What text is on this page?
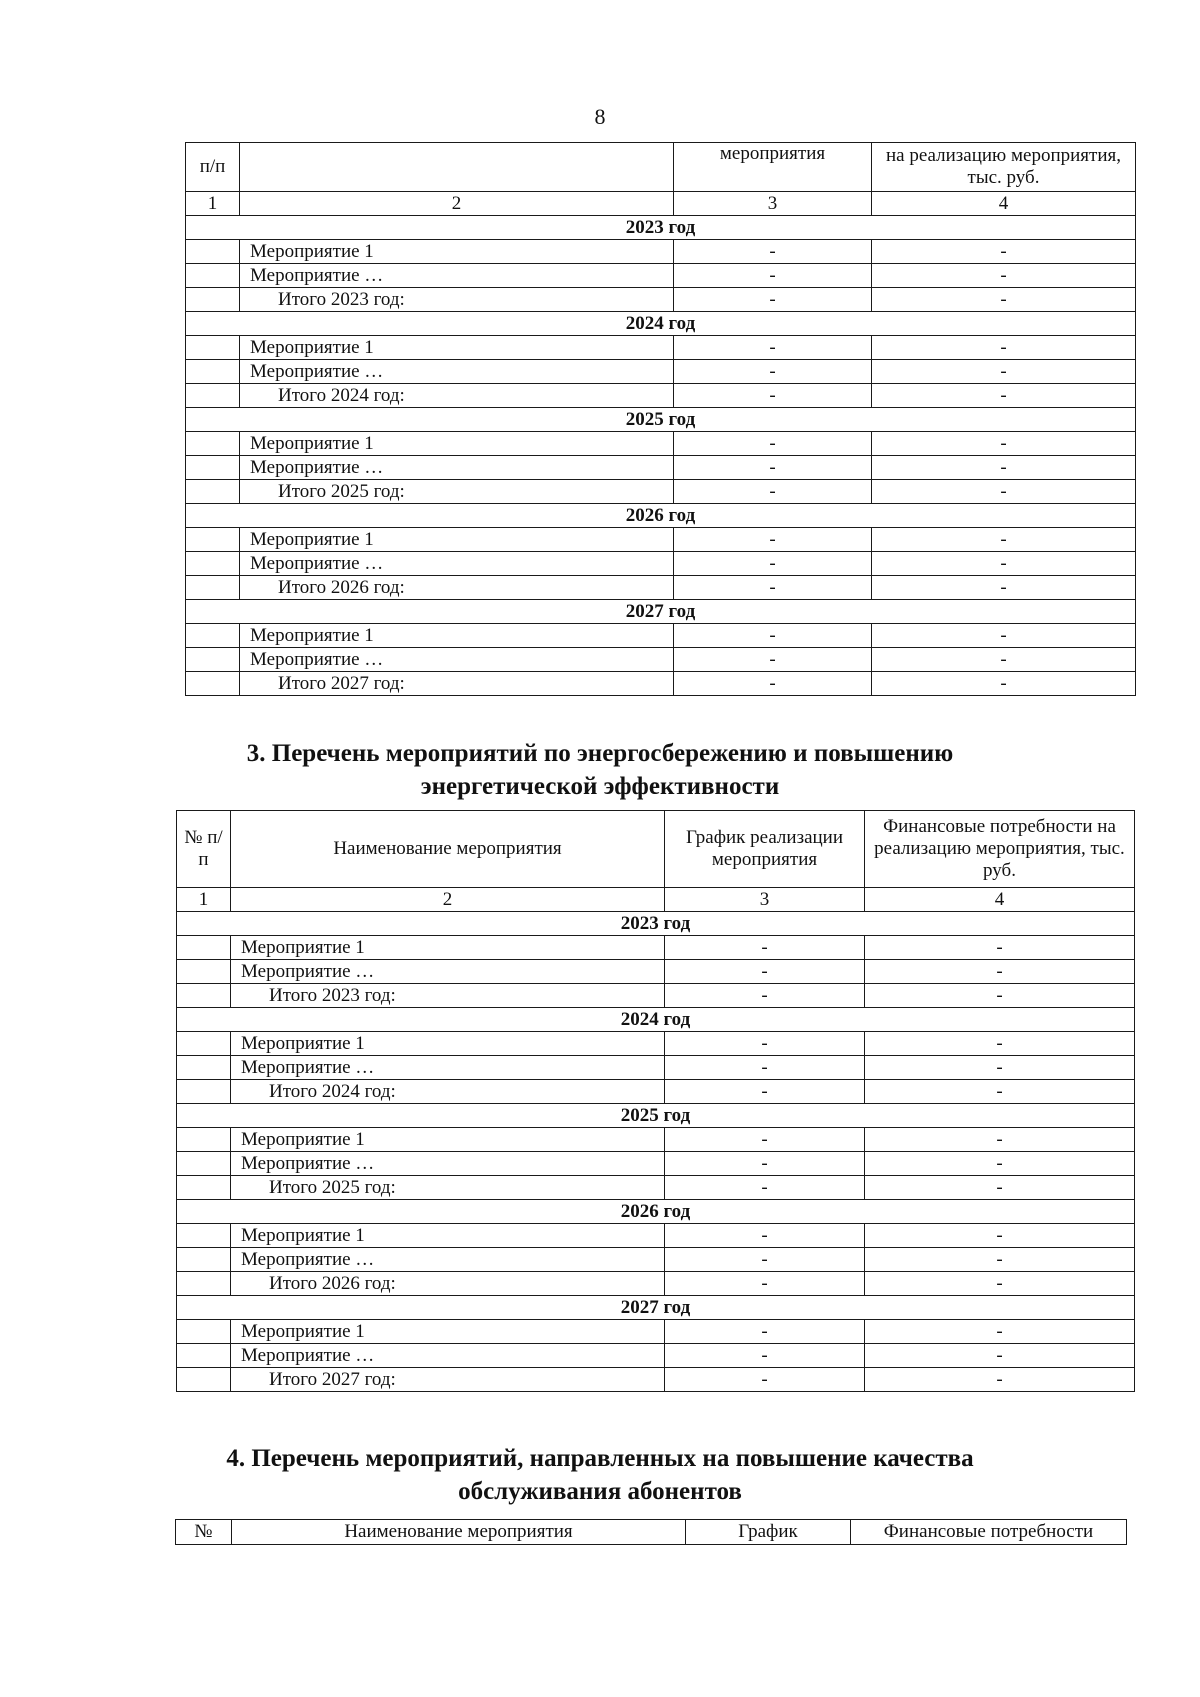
8
п/п		мероприятия	на реализацию мероприятия, тыс. руб.
1	2	3	4
2023 год			
	Мероприятие 1	-	-
	Мероприятие …	-	-
	Итого 2023 год:	-	-
2024 год			
	Мероприятие 1	-	-
	Мероприятие …	-	-
	Итого 2024 год:	-	-
2025 год			
	Мероприятие 1	-	-
	Мероприятие …	-	-
	Итого 2025 год:	-	-
2026 год			
	Мероприятие 1	-	-
	Мероприятие …	-	-
	Итого 2026 год:	-	-
2027 год			
	Мероприятие 1	-	-
	Мероприятие …	-	-
	Итого 2027 год:	-	-
3. Перечень мероприятий по энергосбережению и повышению
энергетической эффективности
№ п/п	Наименование мероприятия	График реализации мероприятия	Финансовые потребности на реализацию мероприятия, тыс. руб.
1	2	3	4
2023 год			
	Мероприятие 1	-	-
	Мероприятие …	-	-
	Итого 2023 год:	-	-
2024 год			
	Мероприятие 1	-	-
	Мероприятие …	-	-
	Итого 2024 год:	-	-
2025 год			
	Мероприятие 1	-	-
	Мероприятие …	-	-
	Итого 2025 год:	-	-
2026 год			
	Мероприятие 1	-	-
	Мероприятие …	-	-
	Итого 2026 год:	-	-
2027 год			
	Мероприятие 1	-	-
	Мероприятие …	-	-
	Итого 2027 год:	-	-
4. Перечень мероприятий, направленных на повышение качества
обслуживания абонентов
№	Наименование мероприятия	График	Финансовые потребности
